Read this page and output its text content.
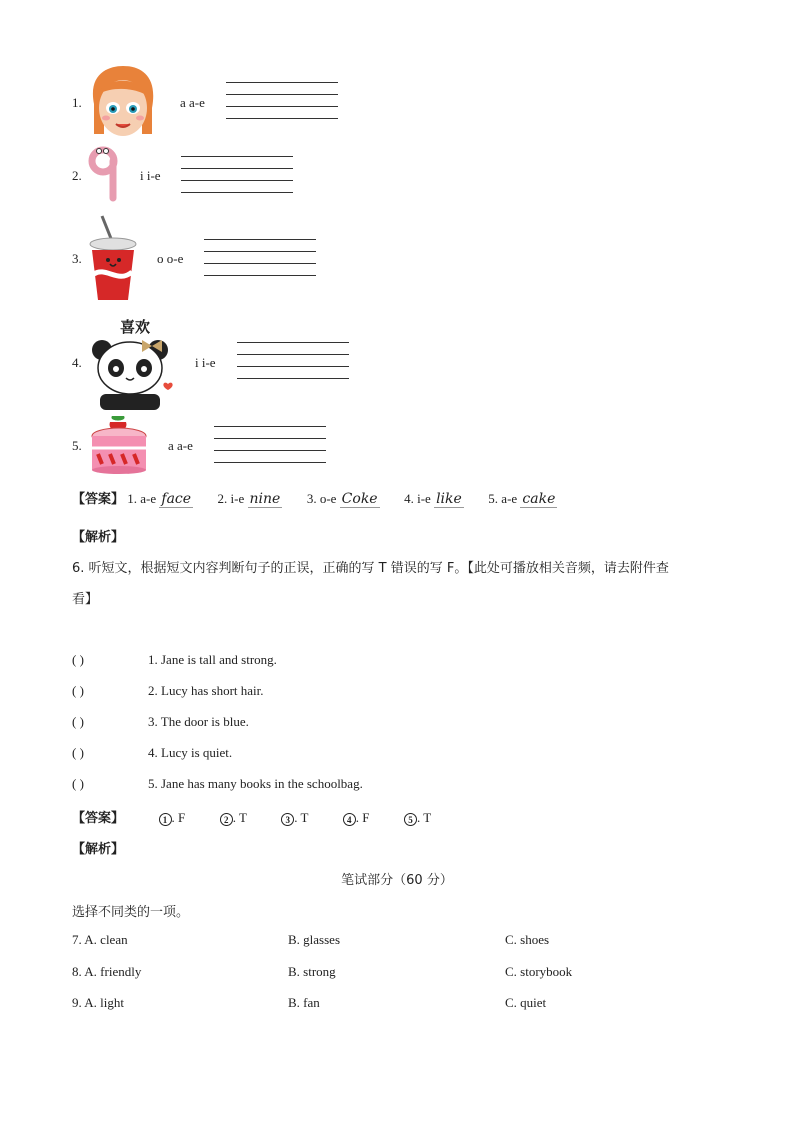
1.	a a-e
2.	i i-e
3.	o o-e
4.
喜欢
i i-e
5.	a a-e
【答案】 1. a-e face 2. i-e nine 3. o-e Coke 4. i-e like 5. a-e cake
【解析】
6. 听短文，根据短文内容判断句子的正误，正确的写 T 错误的写 F。【此处可播放相关音频，请去附件查
看】
( )	1. Jane is tall and strong.
( )	2. Lucy has short hair.
( )	3. The door is blue.
( )	4. Lucy is quiet.
( )	5. Jane has many books in the schoolbag.
【答案】	1 . F	2 . T	3 . T	4 . F	5 . T
【解析】
笔试部分（60 分）
选择不同类的一项。
7. A. clean	B. glasses	C. shoes
8. A. friendly	B. strong	C. storybook
9. A. light	B. fan	C. quiet
